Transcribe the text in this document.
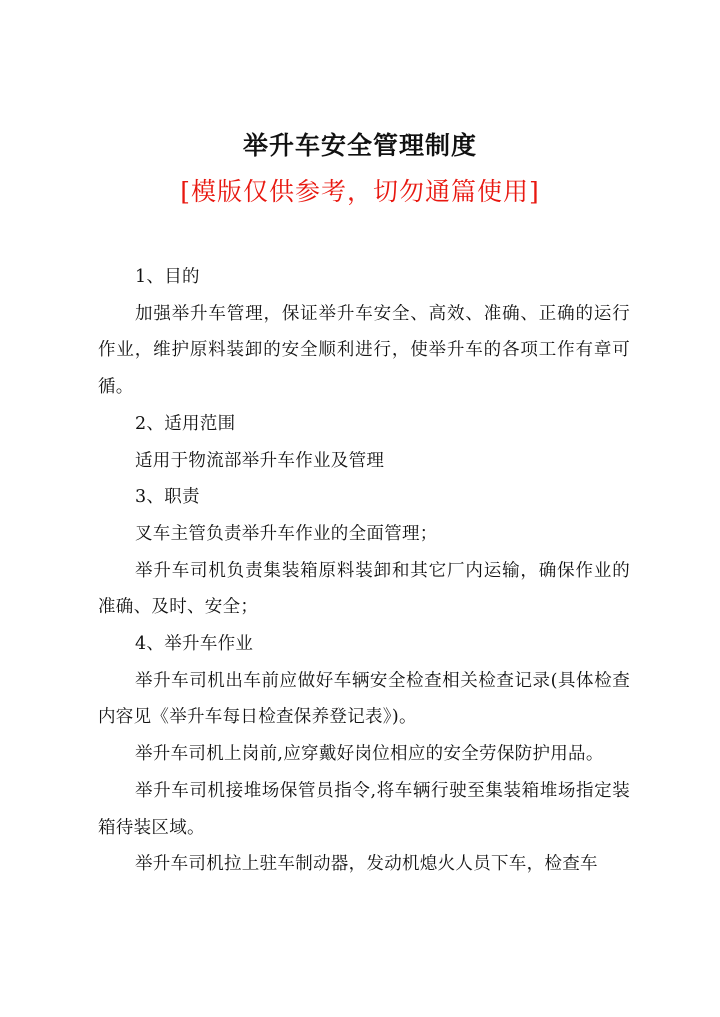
举升车安全管理制度
[模版仅供参考，切勿通篇使用]

1、目的

加强举升车管理，保证举升车安全、高效、准确、正确的运行作业，维护原料装卸的安全顺利进行，使举升车的各项工作有章可循。

2、适用范围

适用于物流部举升车作业及管理

3、职责

叉车主管负责举升车作业的全面管理；

举升车司机负责集装箱原料装卸和其它厂内运输，确保作业的准确、及时、安全；

4、举升车作业

举升车司机出车前应做好车辆安全检查相关检查记录(具体检查内容见《举升车每日检查保养登记表》)。

举升车司机上岗前,应穿戴好岗位相应的安全劳保防护用品。

举升车司机接堆场保管员指令,将车辆行驶至集装箱堆场指定装箱待装区域。

举升车司机拉上驻车制动器，发动机熄火人员下车，检查车
